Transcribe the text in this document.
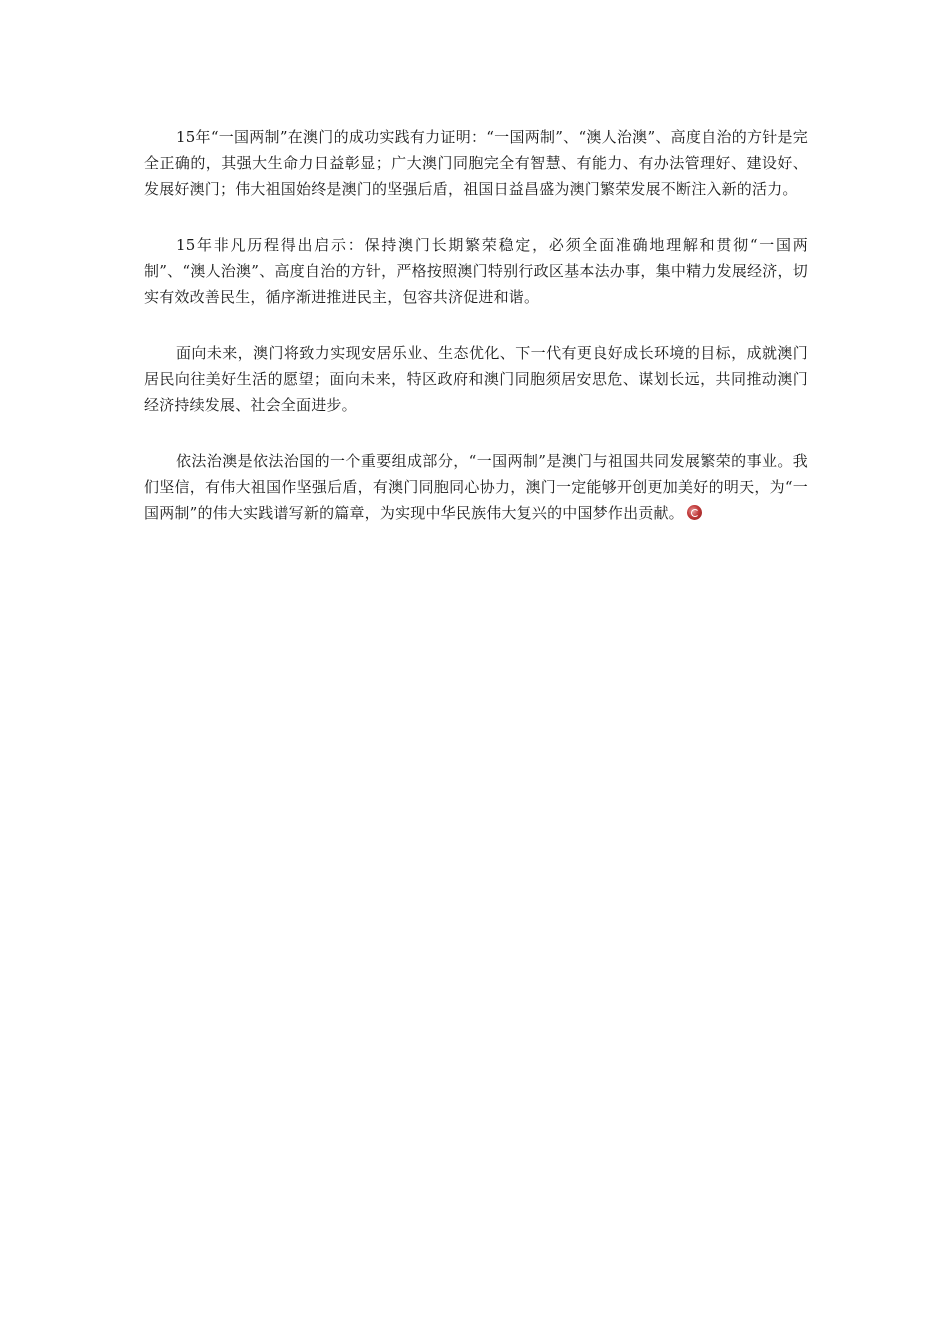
15年“一国两制”在澳门的成功实践有力证明：“一国两制”、“澳人治澳”、高度自治的方针是完全正确的，其强大生命力日益彰显；广大澳门同胞完全有智慧、有能力、有办法管理好、建设好、发展好澳门；伟大祖国始终是澳门的坚强后盾，祖国日益昌盛为澳门繁荣发展不断注入新的活力。

15年非凡历程得出启示：保持澳门长期繁荣稳定，必须全面准确地理解和贯彻“一国两制”、“澳人治澳”、高度自治的方针，严格按照澳门特别行政区基本法办事，集中精力发展经济，切实有效改善民生，循序渐进推进民主，包容共济促进和谐。

面向未来，澳门将致力实现安居乐业、生态优化、下一代有更良好成长环境的目标，成就澳门居民向往美好生活的愿望；面向未来，特区政府和澳门同胞须居安思危、谋划长远，共同推动澳门经济持续发展、社会全面进步。

依法治澳是依法治国的一个重要组成部分，“一国两制”是澳门与祖国共同发展繁荣的事业。我们坚信，有伟大祖国作坚强后盾，有澳门同胞同心协力，澳门一定能够开创更加美好的明天，为“一国两制”的伟大实践谱写新的篇章，为实现中华民族伟大复兴的中国梦作出贡献。
